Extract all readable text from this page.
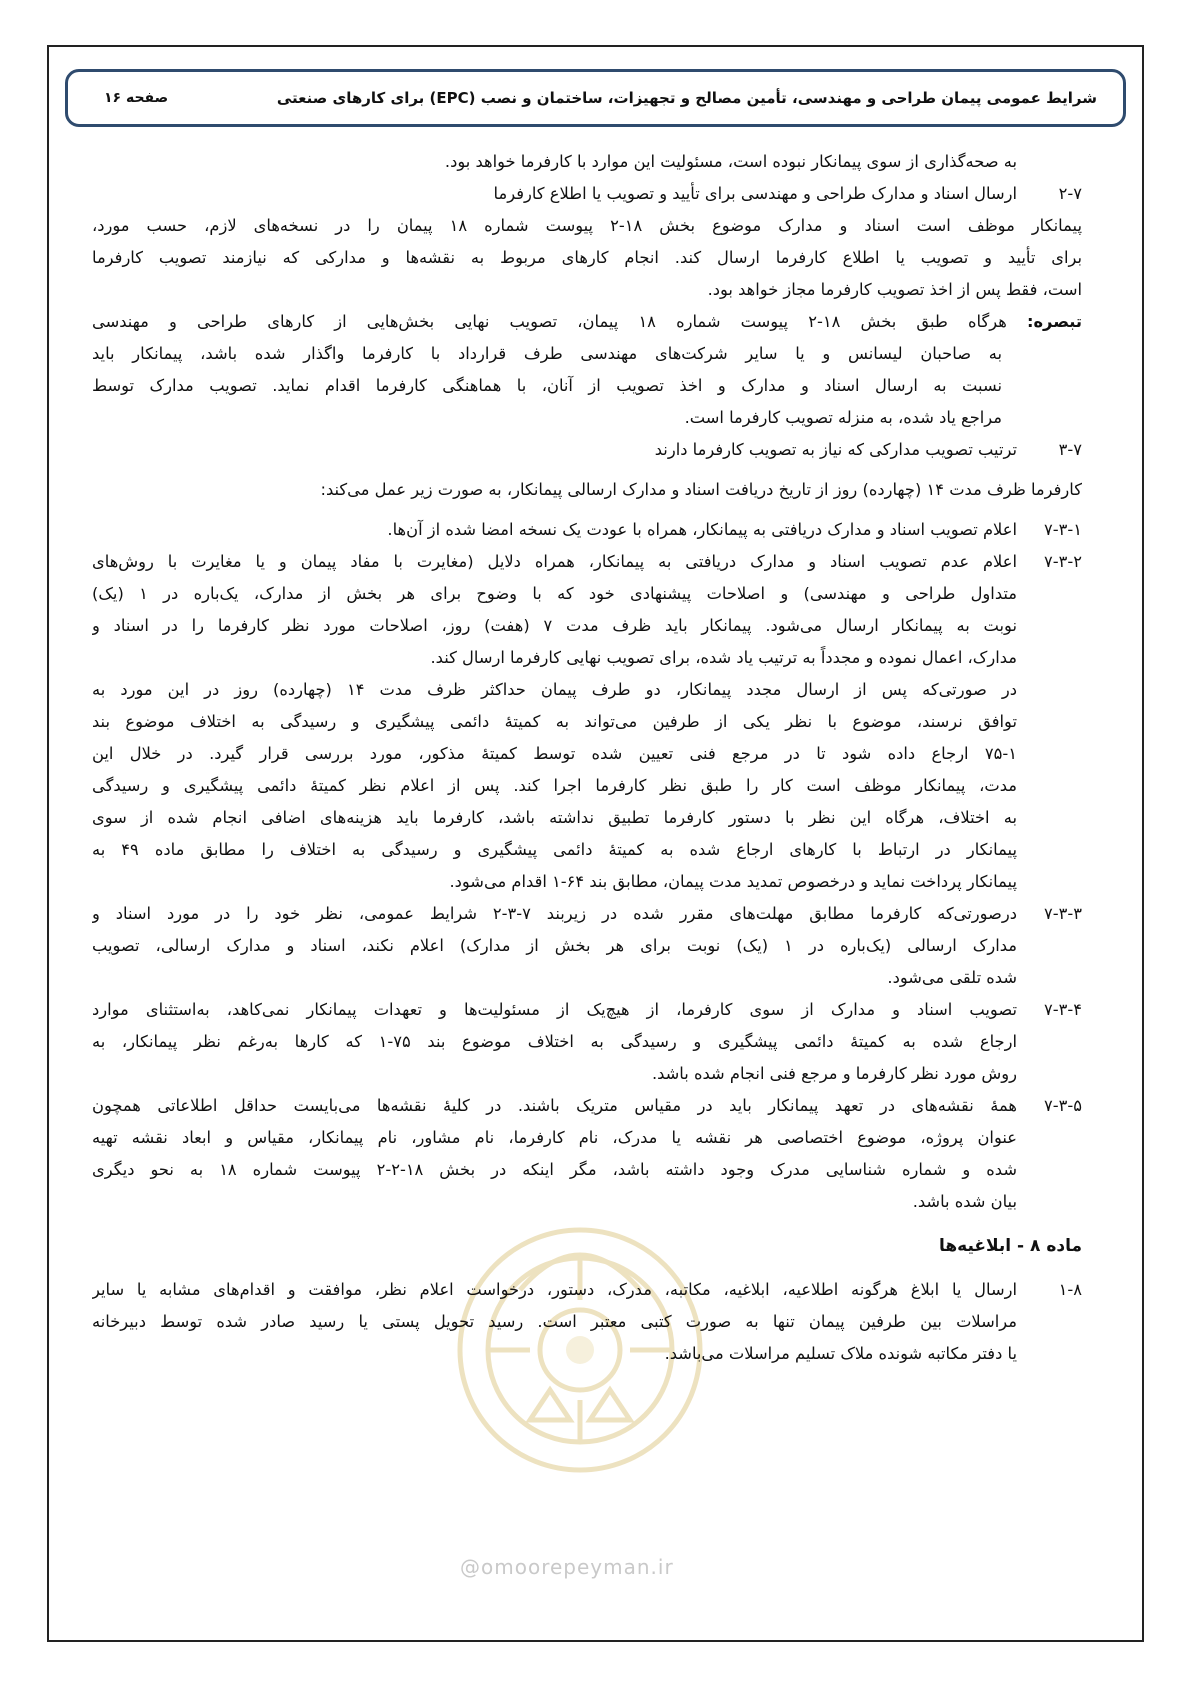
شرایط عمومی پیمان طراحی و مهندسی، تأمین مصالح و تجهیزات، ساختمان و نصب (EPC) برای کارهای صنعتی
صفحه ۱۶
@omoorepeyman.ir
به صحه‌گذاری از سوی پیمانکار نبوده است، مسئولیت این موارد با کارفرما خواهد بود.
۲-۷ارسال اسناد و مدارک طراحی و مهندسی برای تأیید و تصویب یا اطلاع کارفرما
پیمانکار موظف است اسناد و مدارک موضوع بخش ۱۸-۲ پیوست شماره ۱۸ پیمان را در نسخه‌های لازم، حسب مورد،
برای تأیید و تصویب یا اطلاع کارفرما ارسال کند. انجام کارهای مربوط به نقشه‌ها و مدارکی که نیازمند تصویب کارفرما
است، فقط پس از اخذ تصویب کارفرما مجاز خواهد بود.
تبصره: هرگاه طبق بخش ۱۸-۲ پیوست شماره ۱۸ پیمان، تصویب نهایی بخش‌هایی از کارهای طراحی و مهندسی
به صاحبان لیسانس و یا سایر شرکت‌های مهندسی طرف قرارداد با کارفرما واگذار شده باشد، پیمانکار باید
نسبت به ارسال اسناد و مدارک و اخذ تصویب از آنان، با هماهنگی کارفرما اقدام نماید. تصویب مدارک توسط
مراجع یاد شده، به منزله تصویب کارفرما است.
۳-۷ترتیب تصویب مدارکی که نیاز به تصویب کارفرما دارند
کارفرما ظرف مدت ۱۴ (چهارده) روز از تاریخ دریافت اسناد و مدارک ارسالی پیمانکار، به صورت زیر عمل می‌کند:
۷-۳-۱اعلام تصویب اسناد و مدارک دریافتی به پیمانکار، همراه با عودت یک نسخه امضا شده از آن‌ها.
۷-۳-۲اعلام عدم تصویب اسناد و مدارک دریافتی به پیمانکار، همراه دلایل (مغایرت با مفاد پیمان و یا مغایرت با روش‌های
متداول طراحی و مهندسی) و اصلاحات پیشنهادی خود که با وضوح برای هر بخش از مدارک، یک‌باره در ۱ (یک)
نوبت به پیمانکار ارسال می‌شود. پیمانکار باید ظرف مدت ۷ (هفت) روز، اصلاحات مورد نظر کارفرما را در اسناد و
مدارک، اعمال نموده و مجدداً به ترتیب یاد شده، برای تصویب نهایی کارفرما ارسال کند.
در صورتی‌که پس از ارسال مجدد پیمانکار، دو طرف پیمان حداکثر ظرف مدت ۱۴ (چهارده) روز در این مورد به
توافق نرسند، موضوع با نظر یکی از طرفین می‌تواند به کمیتهٔ دائمی پیشگیری و رسیدگی به اختلاف موضوع بند
۷۵-۱ ارجاع داده شود تا در مرجع فنی تعیین شده توسط کمیتهٔ مذکور، مورد بررسی قرار گیرد. در خلال این
مدت، پیمانکار موظف است کار را طبق نظر کارفرما اجرا کند. پس از اعلام نظر کمیتهٔ دائمی پیشگیری و رسیدگی
به اختلاف، هرگاه این نظر با دستور کارفرما تطبیق نداشته باشد، کارفرما باید هزینه‌های اضافی انجام شده از سوی
پیمانکار در ارتباط با کارهای ارجاع شده به کمیتهٔ دائمی پیشگیری و رسیدگی به اختلاف را مطابق ماده ۴۹ به
پیمانکار پرداخت نماید و درخصوص تمدید مدت پیمان، مطابق بند ۶۴-۱ اقدام می‌شود.
۷-۳-۳درصورتی‌که کارفرما مطابق مهلت‌های مقرر شده در زیربند ۷-۳-۲ شرایط عمومی، نظر خود را در مورد اسناد و
مدارک ارسالی (یک‌باره در ۱ (یک) نوبت برای هر بخش از مدارک) اعلام نکند، اسناد و مدارک ارسالی، تصویب
شده تلقی می‌شود.
۷-۳-۴تصویب اسناد و مدارک از سوی کارفرما، از هیچ‌یک از مسئولیت‌ها و تعهدات پیمانکار نمی‌کاهد، به‌استثنای موارد
ارجاع شده به کمیتهٔ دائمی پیشگیری و رسیدگی به اختلاف موضوع بند ۷۵-۱ که کارها به‌رغم نظر پیمانکار، به
روش مورد نظر کارفرما و مرجع فنی انجام شده باشد.
۷-۳-۵همهٔ نقشه‌های در تعهد پیمانکار باید در مقیاس متریک باشند. در کلیهٔ نقشه‌ها می‌بایست حداقل اطلاعاتی همچون
عنوان پروژه، موضوع اختصاصی هر نقشه یا مدرک، نام کارفرما، نام مشاور، نام پیمانکار، مقیاس و ابعاد نقشه تهیه
شده و شماره شناسایی مدرک وجود داشته باشد، مگر اینکه در بخش ۱۸-۲-۲ پیوست شماره ۱۸ به نحو دیگری
بیان شده باشد.
ماده ۸ - ابلاغیه‌ها
۱-۸ارسال یا ابلاغ هرگونه اطلاعیه، ابلاغیه، مکاتبه، مدرک، دستور، درخواست اعلام نظر، موافقت و اقدام‌های مشابه یا سایر
مراسلات بین طرفین پیمان تنها به صورت کتبی معتبر است. رسید تحویل پستی یا رسید صادر شده توسط دبیرخانه
یا دفتر مکاتبه شونده ملاک تسلیم مراسلات می‌باشد.
